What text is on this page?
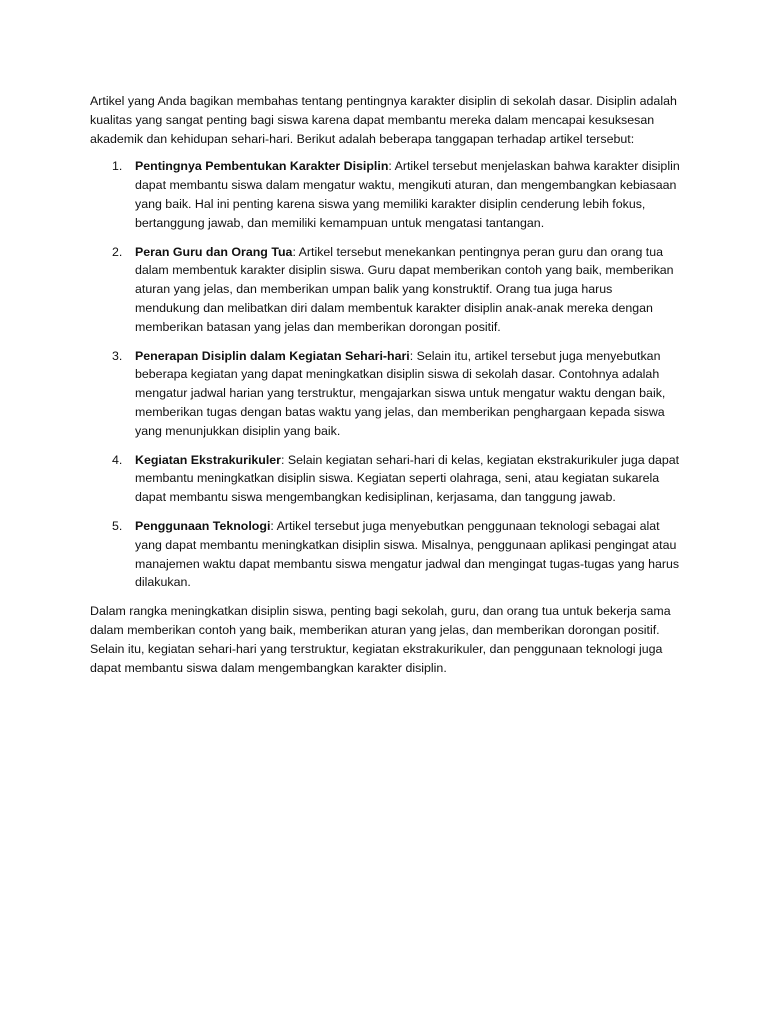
Artikel yang Anda bagikan membahas tentang pentingnya karakter disiplin di sekolah dasar. Disiplin adalah kualitas yang sangat penting bagi siswa karena dapat membantu mereka dalam mencapai kesuksesan akademik dan kehidupan sehari-hari. Berikut adalah beberapa tanggapan terhadap artikel tersebut:

1. Pentingnya Pembentukan Karakter Disiplin: Artikel tersebut menjelaskan bahwa karakter disiplin dapat membantu siswa dalam mengatur waktu, mengikuti aturan, dan mengembangkan kebiasaan yang baik. Hal ini penting karena siswa yang memiliki karakter disiplin cenderung lebih fokus, bertanggung jawab, dan memiliki kemampuan untuk mengatasi tantangan.
2. Peran Guru dan Orang Tua: Artikel tersebut menekankan pentingnya peran guru dan orang tua dalam membentuk karakter disiplin siswa. Guru dapat memberikan contoh yang baik, memberikan aturan yang jelas, dan memberikan umpan balik yang konstruktif. Orang tua juga harus mendukung dan melibatkan diri dalam membentuk karakter disiplin anak-anak mereka dengan memberikan batasan yang jelas dan memberikan dorongan positif.
3. Penerapan Disiplin dalam Kegiatan Sehari-hari: Selain itu, artikel tersebut juga menyebutkan beberapa kegiatan yang dapat meningkatkan disiplin siswa di sekolah dasar. Contohnya adalah mengatur jadwal harian yang terstruktur, mengajarkan siswa untuk mengatur waktu dengan baik, memberikan tugas dengan batas waktu yang jelas, dan memberikan penghargaan kepada siswa yang menunjukkan disiplin yang baik.
4. Kegiatan Ekstrakurikuler: Selain kegiatan sehari-hari di kelas, kegiatan ekstrakurikuler juga dapat membantu meningkatkan disiplin siswa. Kegiatan seperti olahraga, seni, atau kegiatan sukarela dapat membantu siswa mengembangkan kedisiplinan, kerjasama, dan tanggung jawab.
5. Penggunaan Teknologi: Artikel tersebut juga menyebutkan penggunaan teknologi sebagai alat yang dapat membantu meningkatkan disiplin siswa. Misalnya, penggunaan aplikasi pengingat atau manajemen waktu dapat membantu siswa mengatur jadwal dan mengingat tugas-tugas yang harus dilakukan.

Dalam rangka meningkatkan disiplin siswa, penting bagi sekolah, guru, dan orang tua untuk bekerja sama dalam memberikan contoh yang baik, memberikan aturan yang jelas, dan memberikan dorongan positif. Selain itu, kegiatan sehari-hari yang terstruktur, kegiatan ekstrakurikuler, dan penggunaan teknologi juga dapat membantu siswa dalam mengembangkan karakter disiplin.
